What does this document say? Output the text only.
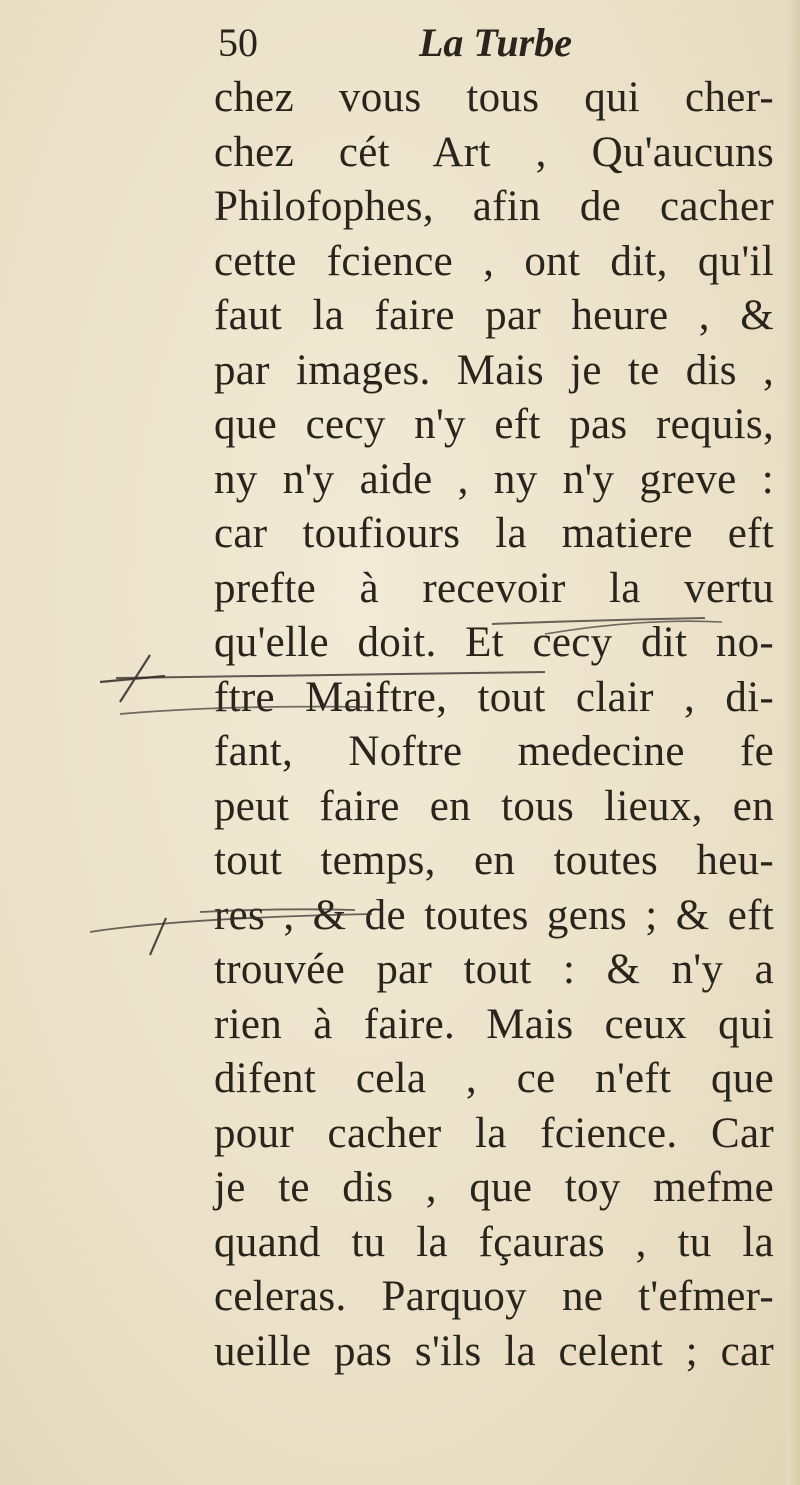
50	La Turbe
chez vous tous qui cher-
chez cét Art , Qu'aucuns
Philofophes, afin de cacher
cette fcience , ont dit, qu'il
faut la faire par heure , &
par images. Mais je te dis ,
que cecy n'y eft pas requis,
ny n'y aide , ny n'y greve :
car toufiours la matiere eft
prefte à recevoir la vertu
qu'elle doit. Et cecy dit no-
ftre Maiftre, tout clair , di-
fant, Noftre medecine fe
peut faire en tous lieux, en
tout temps, en toutes heu-
res , & de toutes gens ; & eft
trouvée par tout : & n'y a
rien à faire. Mais ceux qui
difent cela , ce n'eft que
pour cacher la fcience. Car
je te dis , que toy mefme
quand tu la fçauras , tu la
celeras. Parquoy ne t'efmer-
ueille pas s'ils la celent ; car
